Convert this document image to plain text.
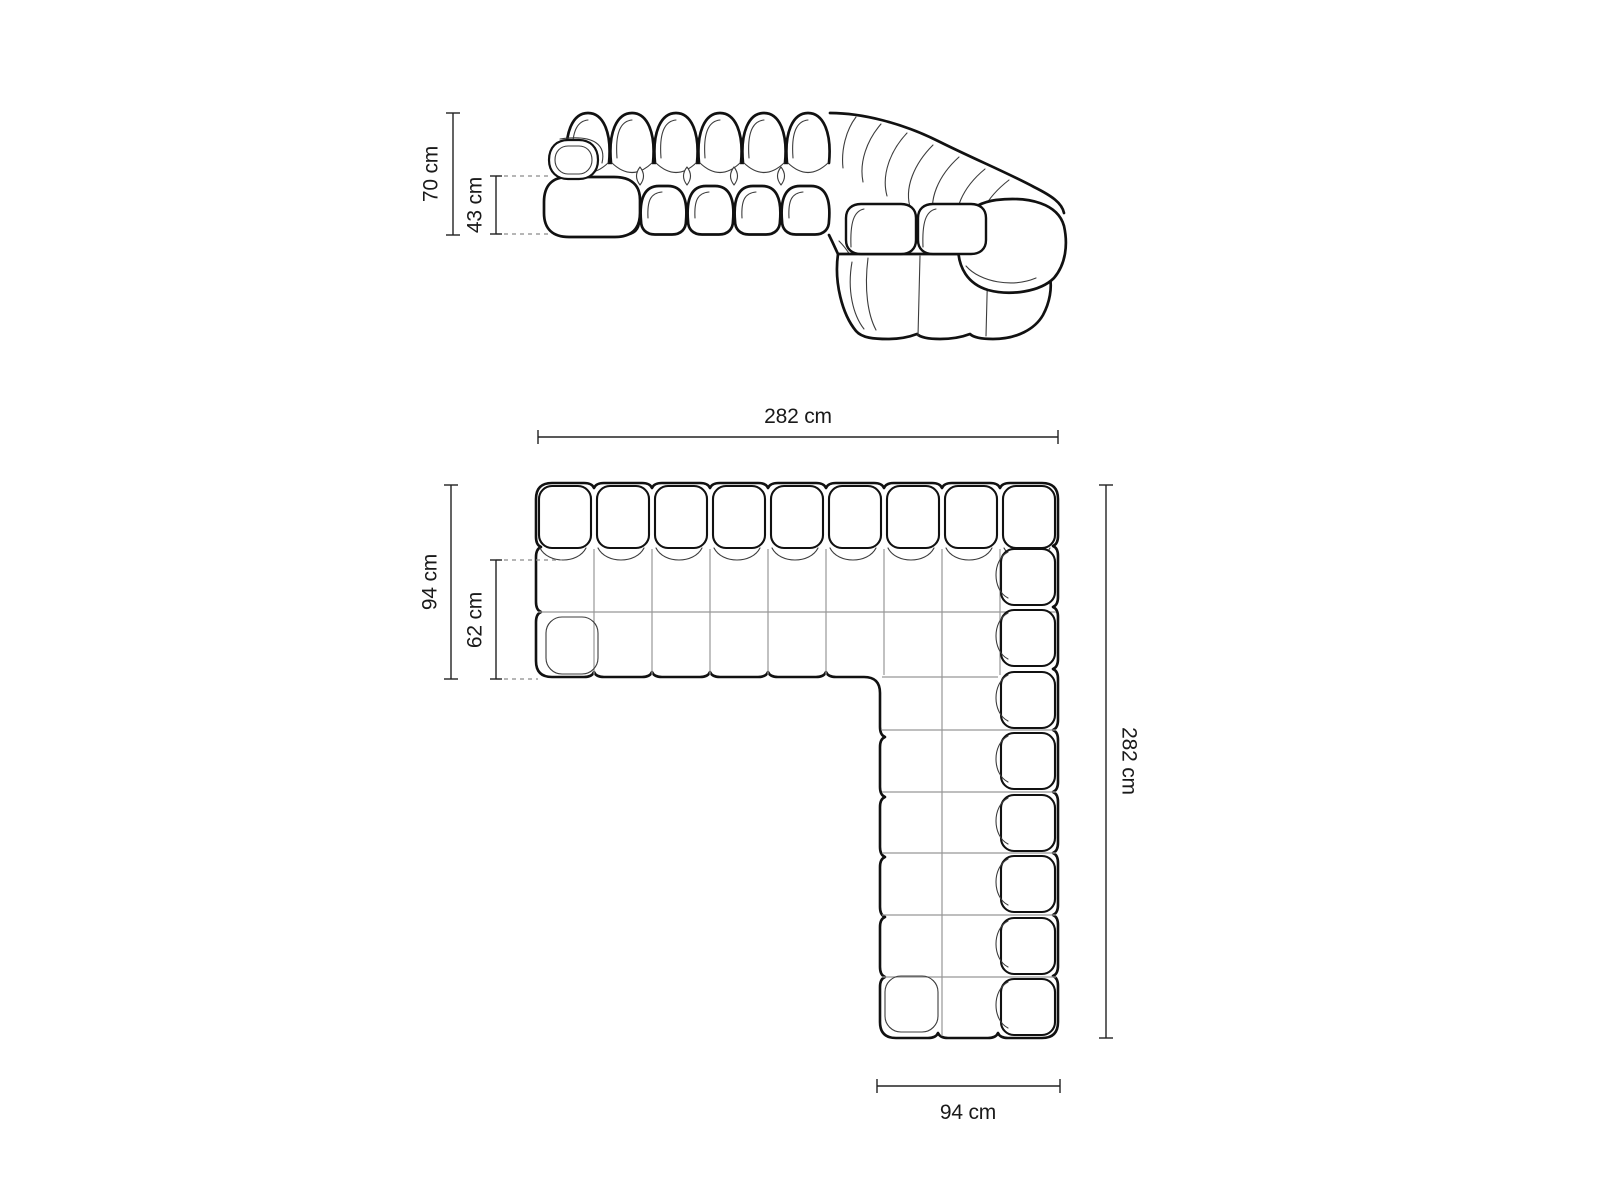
70 cm
43 cm
282 cm
94 cm
62 cm
282 cm
94 cm
